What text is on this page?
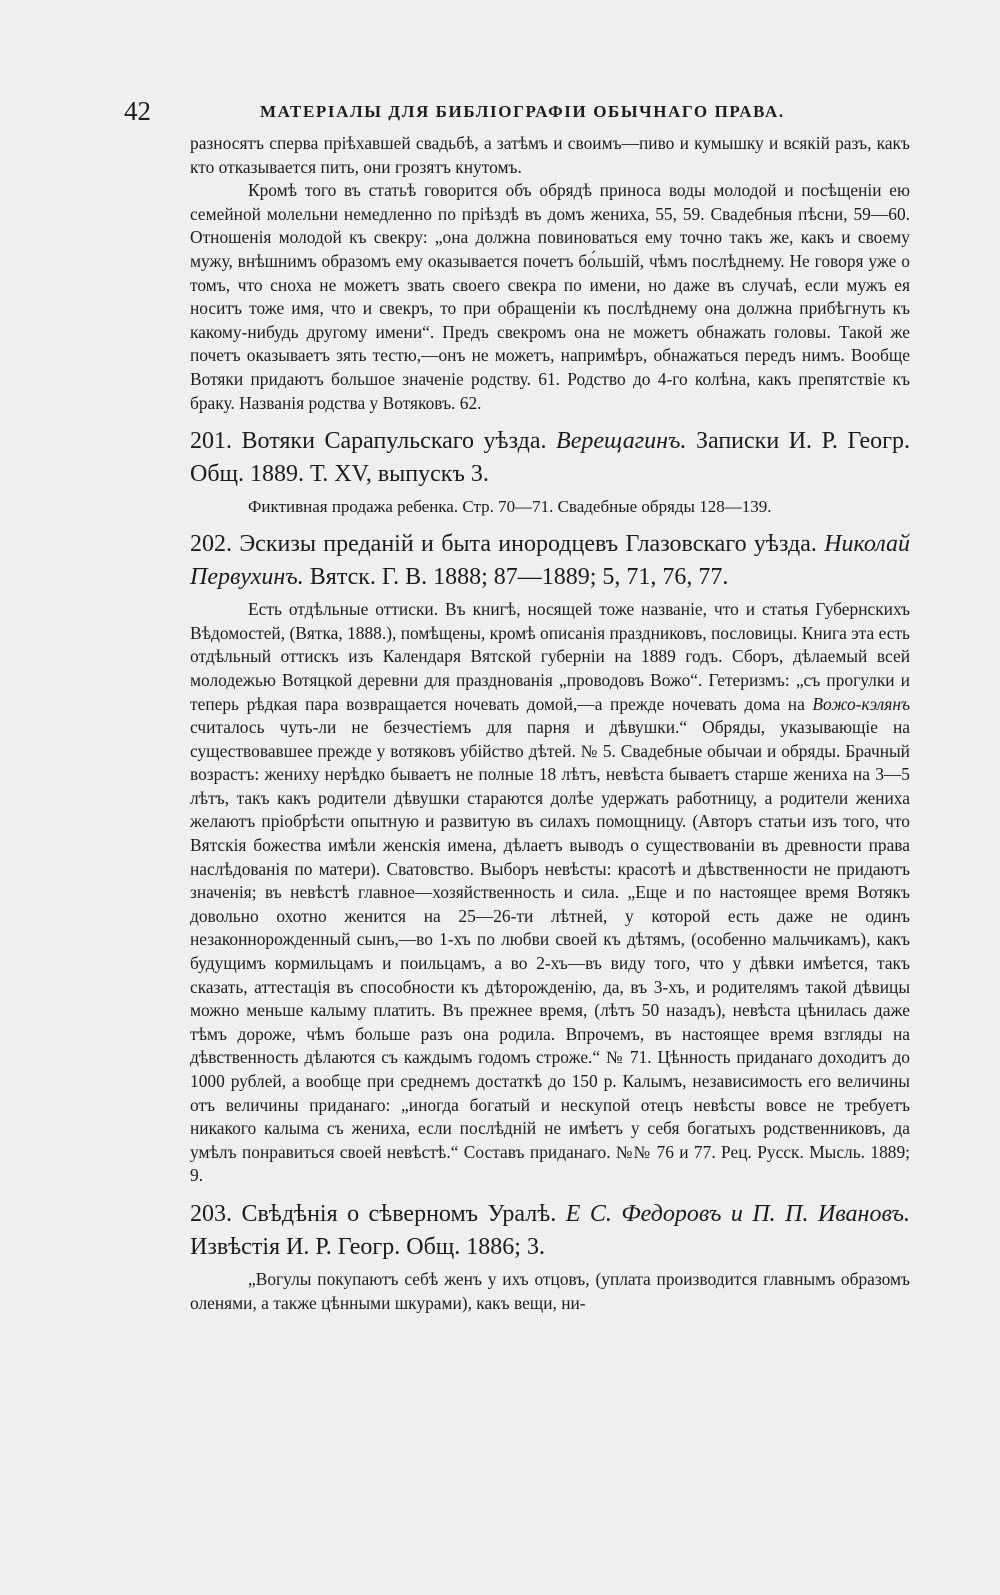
42	МАТЕРІАЛЫ ДЛЯ БИБЛІОГРАФІИ ОБЫЧНАГО ПРАВА.

разносятъ сперва пріѣхавшей свадьбѣ, а затѣмъ и своимъ—пиво и кумышку и всякій разъ, какъ кто отказывается пить, они грозятъ кнутомъ.

Кромѣ того въ статьѣ говорится объ обрядѣ приноса воды молодой и посѣщеніи ею семейной молельни немедленно по пріѣздѣ въ домъ жениха, 55, 59. Свадебныя пѣсни, 59—60. Отношенія молодой къ свекру: „она должна повиноваться ему точно такъ же, какъ и своему мужу, внѣшнимъ образомъ ему оказывается почетъ бо́льшій, чѣмъ послѣднему. Не говоря уже о томъ, что сноха не можетъ звать своего свекра по имени, но даже въ случаѣ, если мужъ ея носитъ тоже имя, что и свекръ, то при обращеніи къ послѣднему она должна прибѣгнуть къ какому-нибудь другому имени“. Предъ свекромъ она не можетъ обнажать головы. Такой же почетъ оказываетъ зять тестю,—онъ не можетъ, напримѣръ, обнажаться передъ нимъ. Вообще Вотяки придаютъ большое значеніе родству. 61. Родство до 4-го колѣна, какъ препятствіе къ браку. Названія родства у Вотяковъ. 62.

201. Вотяки Сарапульскаго уѣзда. Верещагинъ. Записки И. Р. Геогр. Общ. 1889. Т. XV, выпускъ 3.

Фиктивная продажа ребенка. Стр. 70—71. Свадебные обряды 128—139.

202. Эскизы преданій и быта инородцевъ Глазовскаго уѣзда. Николай Первухинъ. Вятск. Г. В. 1888; 87—1889; 5, 71, 76, 77.

Есть отдѣльные оттиски. Въ книгѣ, носящей тоже названіе, что и статья Губернскихъ Вѣдомостей, (Вятка, 1888.), помѣщены, кромѣ описанія праздниковъ, пословицы. Книга эта есть отдѣльный оттискъ изъ Календаря Вятской губерніи на 1889 годъ. Сборъ, дѣлаемый всей молодежью Вотяцкой деревни для празднованія „проводовъ Вожо“. Гетеризмъ: „съ прогулки и теперь рѣдкая пара возвращается ночевать домой,—а прежде ночевать дома на Вожо-кэлянъ считалось чуть-ли не безчестіемъ для парня и дѣвушки.“ Обряды, указывающіе на существовавшее прежде у вотяковъ убійство дѣтей. № 5. Свадебные обычаи и обряды. Брачный возрастъ: жениху нерѣдко бываетъ не полные 18 лѣтъ, невѣста бываетъ старше жениха на 3—5 лѣтъ, такъ какъ родители дѣвушки стараются долѣе удержать работницу, а родители жениха желаютъ пріобрѣсти опытную и развитую въ силахъ помощницу. (Авторъ статьи изъ того, что Вятскія божества имѣли женскія имена, дѣлаетъ выводъ о существованіи въ древности права наслѣдованія по матери). Сватовство. Выборъ невѣсты: красотѣ и дѣвственности не придаютъ значенія; въ невѣстѣ главное—хозяйственность и сила. „Еще и по настоящее время Вотякъ довольно охотно женится на 25—26-ти лѣтней, у которой есть даже не одинъ незаконнорожденный сынъ,—во 1-хъ по любви своей къ дѣтямъ, (особенно мальчикамъ), какъ будущимъ кормильцамъ и поильцамъ, а во 2-хъ—въ виду того, что у дѣвки имѣется, такъ сказать, аттестація въ способности къ дѣторожденію, да, въ 3-хъ, и родителямъ такой дѣвицы можно меньше калыму платить. Въ прежнее время, (лѣтъ 50 назадъ), невѣста цѣнилась даже тѣмъ дороже, чѣмъ больше разъ она родила. Впрочемъ, въ настоящее время взгляды на дѣвственность дѣлаются съ каждымъ годомъ строже.“ № 71. Цѣнность приданаго доходитъ до 1000 рублей, а вообще при среднемъ достаткѣ до 150 р. Калымъ, независимость его величины отъ величины приданаго: „иногда богатый и нескупой отецъ невѣсты вовсе не требуетъ никакого калыма съ жениха, если послѣдній не имѣетъ у себя богатыхъ родственниковъ, да умѣлъ понравиться своей невѣстѣ.“ Составъ приданаго. №№ 76 и 77. Рец. Русск. Мысль. 1889; 9.

203. Свѣдѣнія о сѣверномъ Уралѣ. Е С. Федоровъ и П. П. Ивановъ. Извѣстія И. Р. Геогр. Общ. 1886; 3.

„Вогулы покупаютъ себѣ женъ у ихъ отцовъ, (уплата производится главнымъ образомъ оленями, а также цѣнными шкурами), какъ вещи, ни-
